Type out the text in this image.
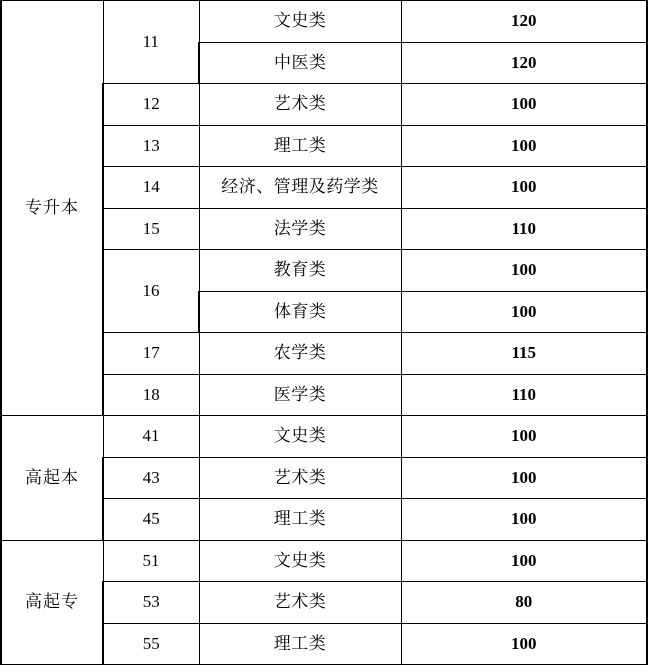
专升本	11	文史类	120
		中医类	120
	12	艺术类	100
	13	理工类	100
	14	经济、管理及药学类	100
	15	法学类	110
	16	教育类	100
		体育类	100
	17	农学类	115
	18	医学类	110
高起本	41	文史类	100
	43	艺术类	100
	45	理工类	100
高起专	51	文史类	100
	53	艺术类	80
	55	理工类	100
